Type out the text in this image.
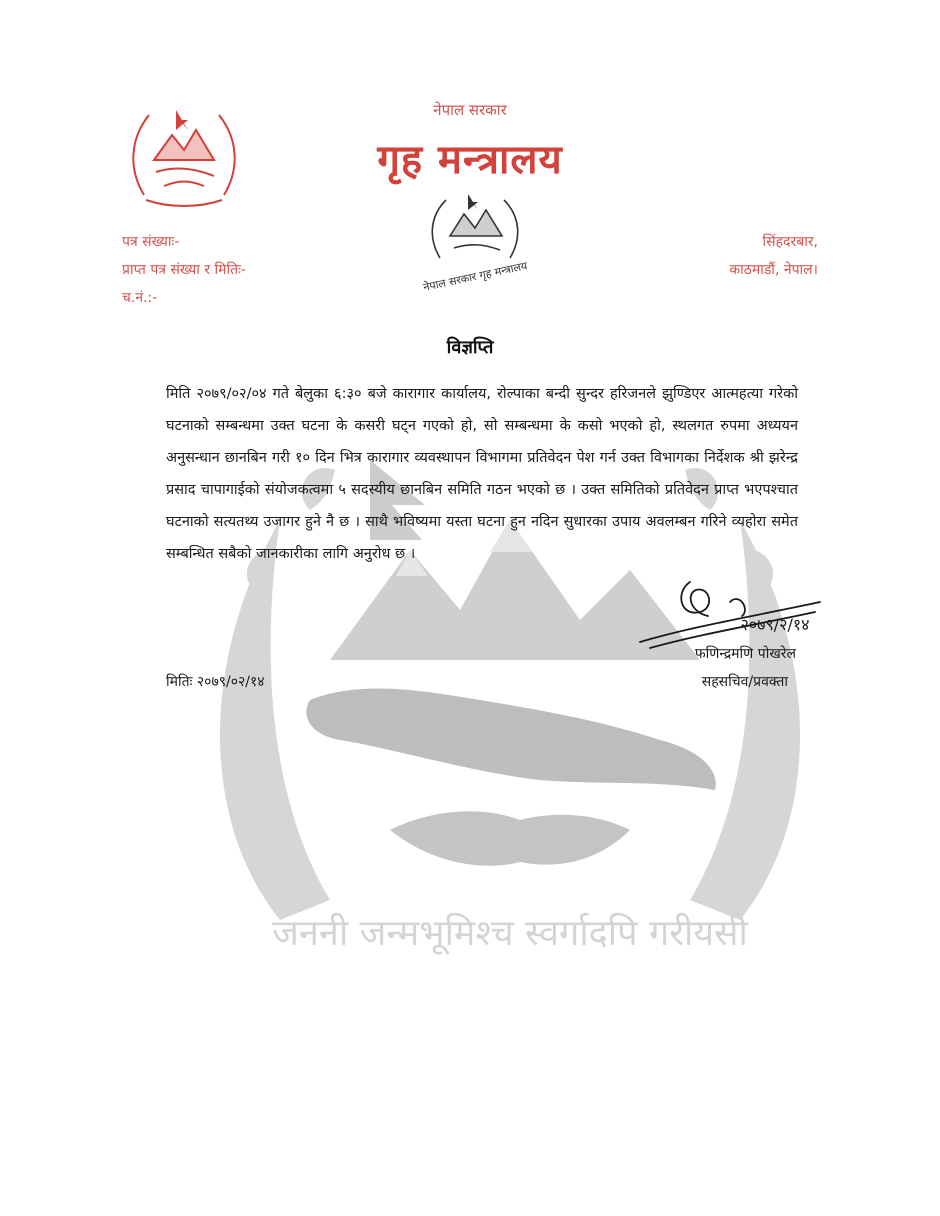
जननी जन्मभूमिश्च स्वर्गादपि गरीयसी
नेपाल सरकार
गृह मन्त्रालय
नेपाल सरकार गृह मन्त्रालय
पत्र संख्याः-
प्राप्त पत्र संख्या र मितिः-
च.नं.:-
सिंहदरबार,
काठमाडौं, नेपाल।
विज्ञप्ति
मिति २०७९/०२/०४ गते बेलुका ६:३० बजे कारागार कार्यालय, रोल्पाका बन्दी सुन्दर हरिजनले झुण्डिएर आत्महत्या गरेको घटनाको सम्बन्धमा उक्त घटना के कसरी घट्न गएको हो, सो सम्बन्धमा के कसो भएको हो, स्थलगत रुपमा अध्ययन अनुसन्धान छानबिन गरी १० दिन भित्र कारागार व्यवस्थापन विभागमा प्रतिवेदन पेश गर्न उक्त विभागका निर्देशक श्री झरेन्द्र प्रसाद चापागाईको संयोजकत्वमा ५ सदस्यीय छानबिन समिति गठन भएको छ । उक्त समितिको प्रतिवेदन प्राप्त भएपश्चात घटनाको सत्यतथ्य उजागर हुने नै छ । साथै भविष्यमा यस्ता घटना हुन नदिन सुधारका उपाय अवलम्बन गरिने व्यहोरा समेत सम्बन्धित सबैको जानकारीका लागि अनुरोध छ ।
२०७९/२/१४
फणिन्द्रमणि पोखरेल
मितिः २०७९/०२/१४	सहसचिव/प्रवक्ता
